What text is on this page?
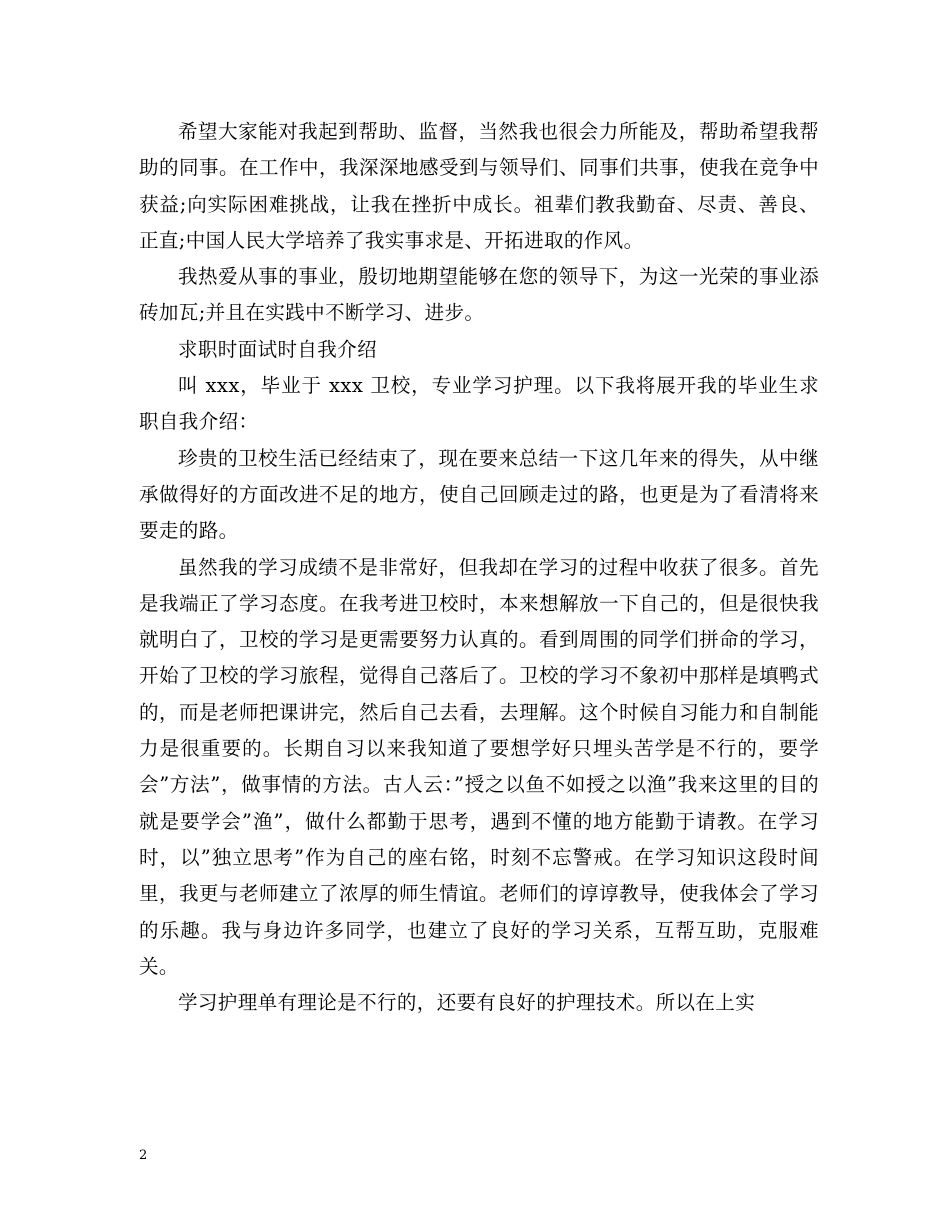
希望大家能对我起到帮助、监督，当然我也很会力所能及，帮助希望我帮助的同事。在工作中，我深深地感受到与领导们、同事们共事，使我在竞争中获益;向实际困难挑战，让我在挫折中成长。祖辈们教我勤奋、尽责、善良、正直;中国人民大学培养了我实事求是、开拓进取的作风。

我热爱从事的事业，殷切地期望能够在您的领导下，为这一光荣的事业添砖加瓦;并且在实践中不断学习、进步。

求职时面试时自我介绍

叫 xxx，毕业于 xxx 卫校，专业学习护理。以下我将展开我的毕业生求职自我介绍：

珍贵的卫校生活已经结束了，现在要来总结一下这几年来的得失，从中继承做得好的方面改进不足的地方，使自己回顾走过的路，也更是为了看清将来要走的路。

虽然我的学习成绩不是非常好，但我却在学习的过程中收获了很多。首先是我端正了学习态度。在我考进卫校时，本来想解放一下自己的，但是很快我就明白了，卫校的学习是更需要努力认真的。看到周围的同学们拼命的学习，开始了卫校的学习旅程，觉得自己落后了。卫校的学习不象初中那样是填鸭式的，而是老师把课讲完，然后自己去看，去理解。这个时候自习能力和自制能力是很重要的。长期自习以来我知道了要想学好只埋头苦学是不行的，要学会”方法”，做事情的方法。古人云：”授之以鱼不如授之以渔”我来这里的目的就是要学会”渔”，做什么都勤于思考，遇到不懂的地方能勤于请教。在学习时，以”独立思考”作为自己的座右铭，时刻不忘警戒。在学习知识这段时间里，我更与老师建立了浓厚的师生情谊。老师们的谆谆教导，使我体会了学习的乐趣。我与身边许多同学，也建立了良好的学习关系，互帮互助，克服难关。

学习护理单有理论是不行的，还要有良好的护理技术。所以在上实

2
